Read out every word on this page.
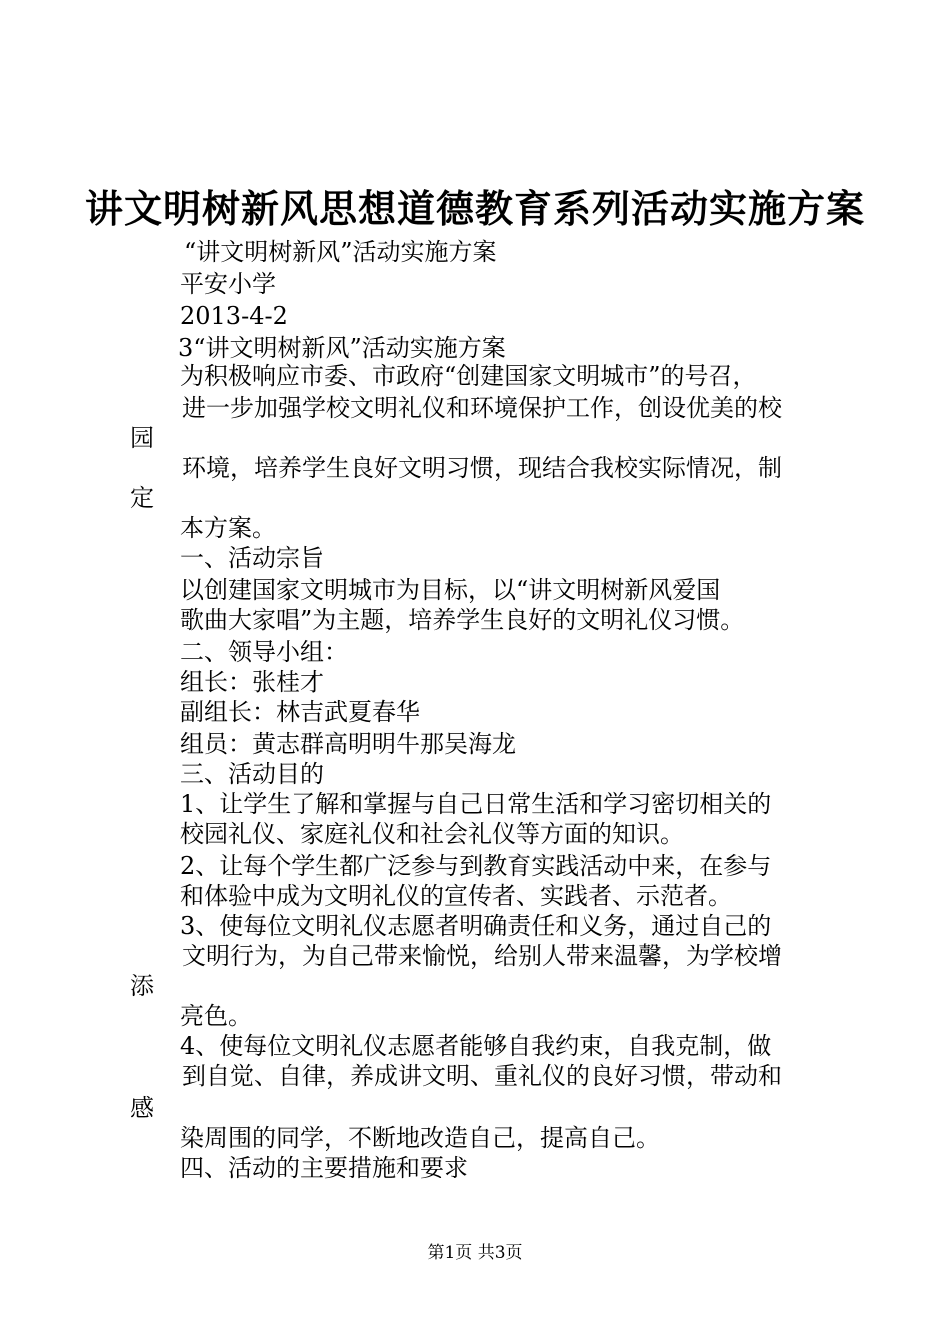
讲文明树新风思想道德教育系列活动实施方案
“讲文明树新风”活动实施方案
平安小学
2013-4-2
3“讲文明树新风”活动实施方案
为积极响应市委、市政府“创建国家文明城市”的号召，
进一步加强学校文明礼仪和环境保护工作，创设优美的校
园
环境，培养学生良好文明习惯，现结合我校实际情况，制
定
本方案。
一、活动宗旨
以创建国家文明城市为目标，以“讲文明树新风爱国
歌曲大家唱”为主题，培养学生良好的文明礼仪习惯。
二、领导小组：
组长：张桂才
副组长：林吉武夏春华
组员：黄志群高明明牛那吴海龙
三、活动目的
1、让学生了解和掌握与自己日常生活和学习密切相关的
校园礼仪、家庭礼仪和社会礼仪等方面的知识。
2、让每个学生都广泛参与到教育实践活动中来，在参与
和体验中成为文明礼仪的宣传者、实践者、示范者。
3、使每位文明礼仪志愿者明确责任和义务，通过自己的
文明行为，为自己带来愉悦，给别人带来温馨，为学校增
添
亮色。
4、使每位文明礼仪志愿者能够自我约束，自我克制，做
到自觉、自律，养成讲文明、重礼仪的良好习惯，带动和
感
染周围的同学，不断地改造自己，提高自己。
四、活动的主要措施和要求
第1页 共3页
